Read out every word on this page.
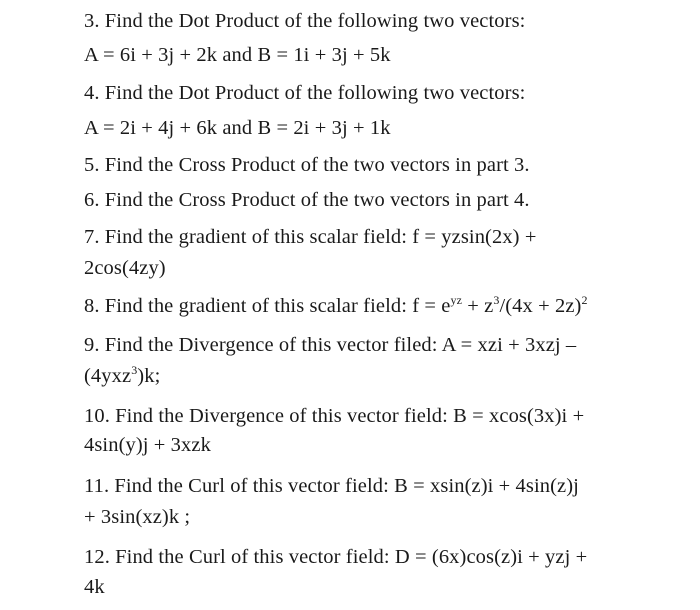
3. Find the Dot Product of the following two vectors:
A = 6i + 3j + 2k and B = 1i + 3j + 5k
4. Find the Dot Product of the following two vectors:
A = 2i + 4j + 6k and B = 2i + 3j + 1k
5. Find the Cross Product of the two vectors in part 3.
6. Find the Cross Product of the two vectors in part 4.
7. Find the gradient of this scalar field: f = yzsin(2x) +
2cos(4zy)
8. Find the gradient of this scalar field: $f = e^{yz} + z^3/(4x + 2z)^2$
9. Find the Divergence of this vector filed: A = xzi + 3xzj –
(4yxz$^3$)k;
10. Find the Divergence of this vector field: B = xcos(3x)i +
4sin(y)j + 3xzk
11. Find the Curl of this vector field: B = xsin(z)i + 4sin(z)j
+ 3sin(xz)k ;
12. Find the Curl of this vector field: D = (6x)cos(z)i + yzj +
4k
